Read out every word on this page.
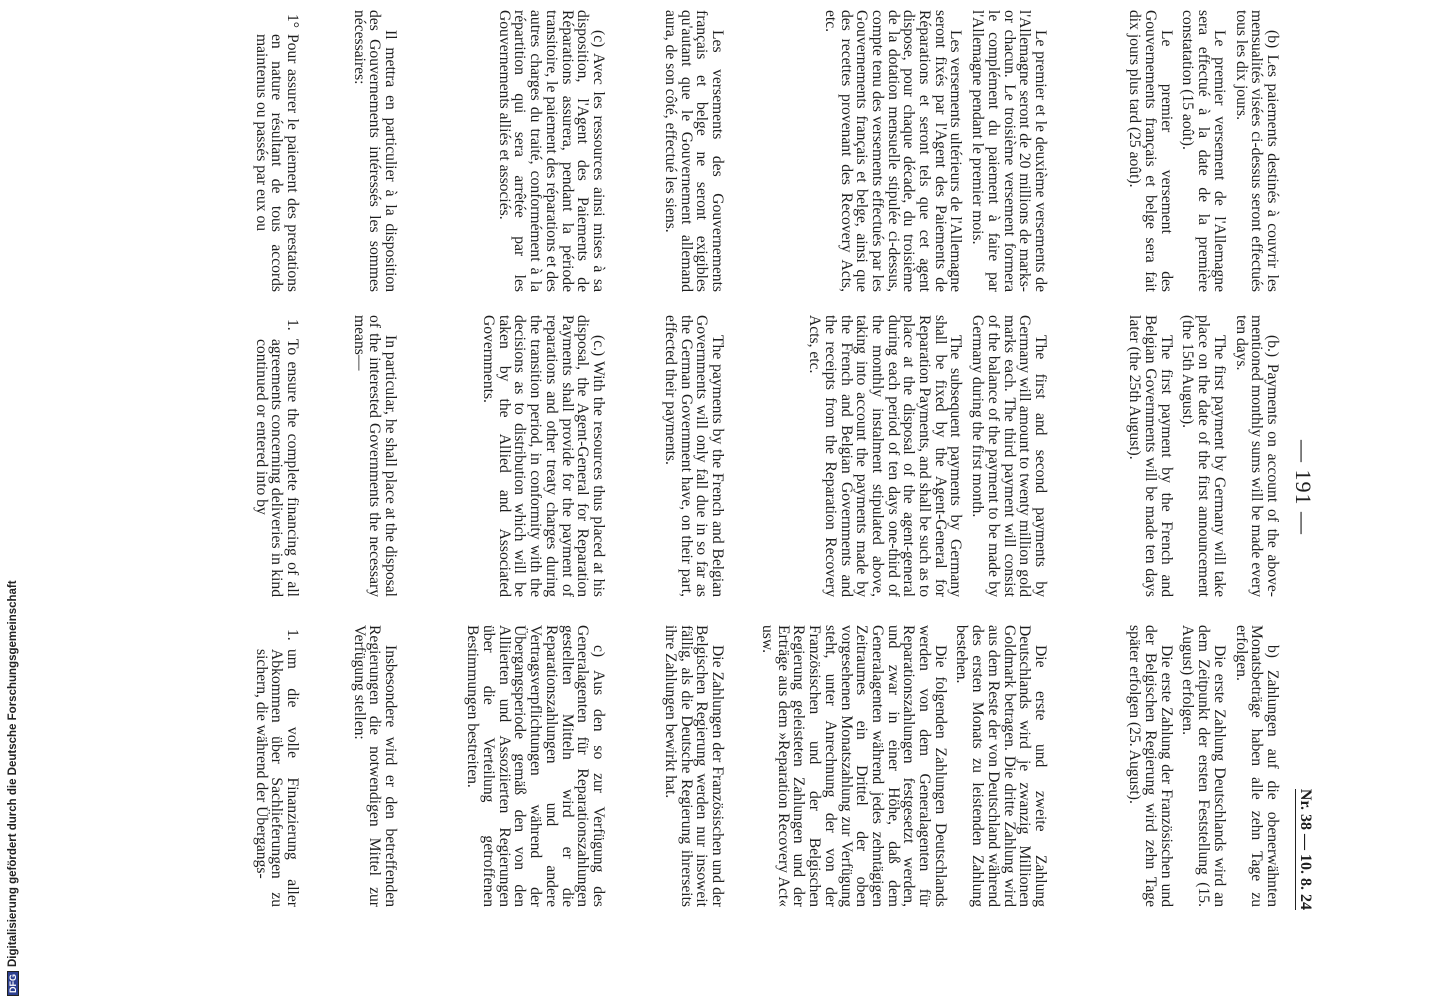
— 191 —
Nr. 38 — 10. 8. 24

(b) Les paiements destinés à couvrir les mensualités visées ci-dessus seront effectués tous les dix jours.

Le premier versement de l'Allemagne sera effectué à la date de la première constatation (15 août).

Le premier versement des Gouvernements français et belge sera fait dix jours plus tard (25 août).

(b.) Payments on account of the above-mentioned monthly sums will be made every ten days.

The first payment by Germany will take place on the date of the first announcement (the 15th August).

The first payment by the French and Belgian Governments will be made ten days later (the 25th August).

b) Zahlungen auf die obenerwähnten Monatsbeträge haben alle zehn Tage zu erfolgen.

Die erste Zahlung Deutschlands wird an dem Zeitpunkt der ersten Feststellung (15. August) erfolgen.

Die erste Zahlung der Französischen und der Belgischen Regierung wird zehn Tage später erfolgen (25. August).

Le premier et le deuxième versements de l'Allemagne seront de 20 millions de marks-or chacun. Le troisième versement formera le complément du paiement à faire par l'Allemagne pendant le premier mois.

Les versements ultérieurs de l'Allemagne seront fixés par l'Agent des Paiements de Réparations et seront tels que cet agent dispose, pour chaque décade, du troisième de la dotation mensuelle stipulée ci-dessus, compte tenu des versements effectués par les Gouvernements français et belge, ainsi que des recettes provenant des Recovery Acts, etc.

The first and second payments by Germany will amount to twenty million gold marks each. The third payment will consist of the balance of the payment to be made by Germany during the first month.

The subsequent payments by Germany shall be fixed by the Agent-General for Reparation Payments, and shall be such as to place at the disposal of the agent-general during each period of ten days one-third of the monthly instalment stipulated above, taking into account the payments made by the French and Belgian Governments and the receipts from the Reparation Recovery Acts, etc.

Die erste und zweite Zahlung Deutschlands wird je zwanzig Millionen Goldmark betragen. Die dritte Zahlung wird aus dem Reste der von Deutschland während des ersten Monats zu leistenden Zahlung bestehen.

Die folgenden Zahlungen Deutschlands werden von dem Generalagenten für Reparationszahlungen festgesetzt werden, und zwar in einer Höhe, daß dem Generalagenten während jedes zehntägigen Zeitraumes ein Drittel der oben vorgesehenen Monatszahlung zur Verfügung steht, unter Anrechnung der von der Französischen und der Belgischen Regierung geleisteten Zahlungen und der Erträge aus dem »Reparation Recovery Act« usw.

Les versements des Gouvernements français et belge ne seront exigibles qu'autant que le Gouvernement allemand aura, de son côté, effectué les siens.

The payments by the French and Belgian Governments will only fall due in so far as the German Government have, on their part, effected their payments.

Die Zahlungen der Französischen und der Belgischen Regierung werden nur insoweit fällig, als die Deutsche Regierung ihrerseits ihre Zahlungen bewirkt hat.

(c) Avec les ressources ainsi mises à sa disposition, l'Agent des Paiements de Réparations assurera, pendant la période transitoire, le paiement des réparations et des autres charges du traité, conformément à la répartition qui sera arrêtée par les Gouvernements alliés et associés.

(c.) With the resources thus placed at his disposal, the Agent-General for Reparation Payments shall provide for the payment of reparations and other treaty charges during the transition period, in conformity with the decisions as to distribution which will be taken by the Allied and Associated Governments.

c) Aus den so zur Verfügung des Generalagenten für Reparationszahlungen gestellten Mitteln wird er die Reparationszahlungen und andere Vertragsverpflichtungen während der Übergangsperiode gemäß den von den Alliierten und Assoziierten Regierungen über die Verteilung getroffenen Bestimmungen bestreiten.

Il mettra en particulier à la disposition des Gouvernements intéressés les sommes nécessaires:

In particular, he shall place at the disposal of the interested Governments the necessary means—

Insbesondere wird er den betreffenden Regierungen die notwendigen Mittel zur Verfügung stellen:

1°
Pour assurer le paiement des prestations en nature résultant de tous accords maintenus ou passés par eux ou

1.
To ensure the complete financing of all agreements concerning deliveries in kind continued or entered into by

1.
um die volle Finanzierung aller Abkommen über Sachlieferungen zu sichern, die während der Übergangs-

DFG
Digitalisierung gefördert durch die Deutsche Forschungsgemeinschaft
